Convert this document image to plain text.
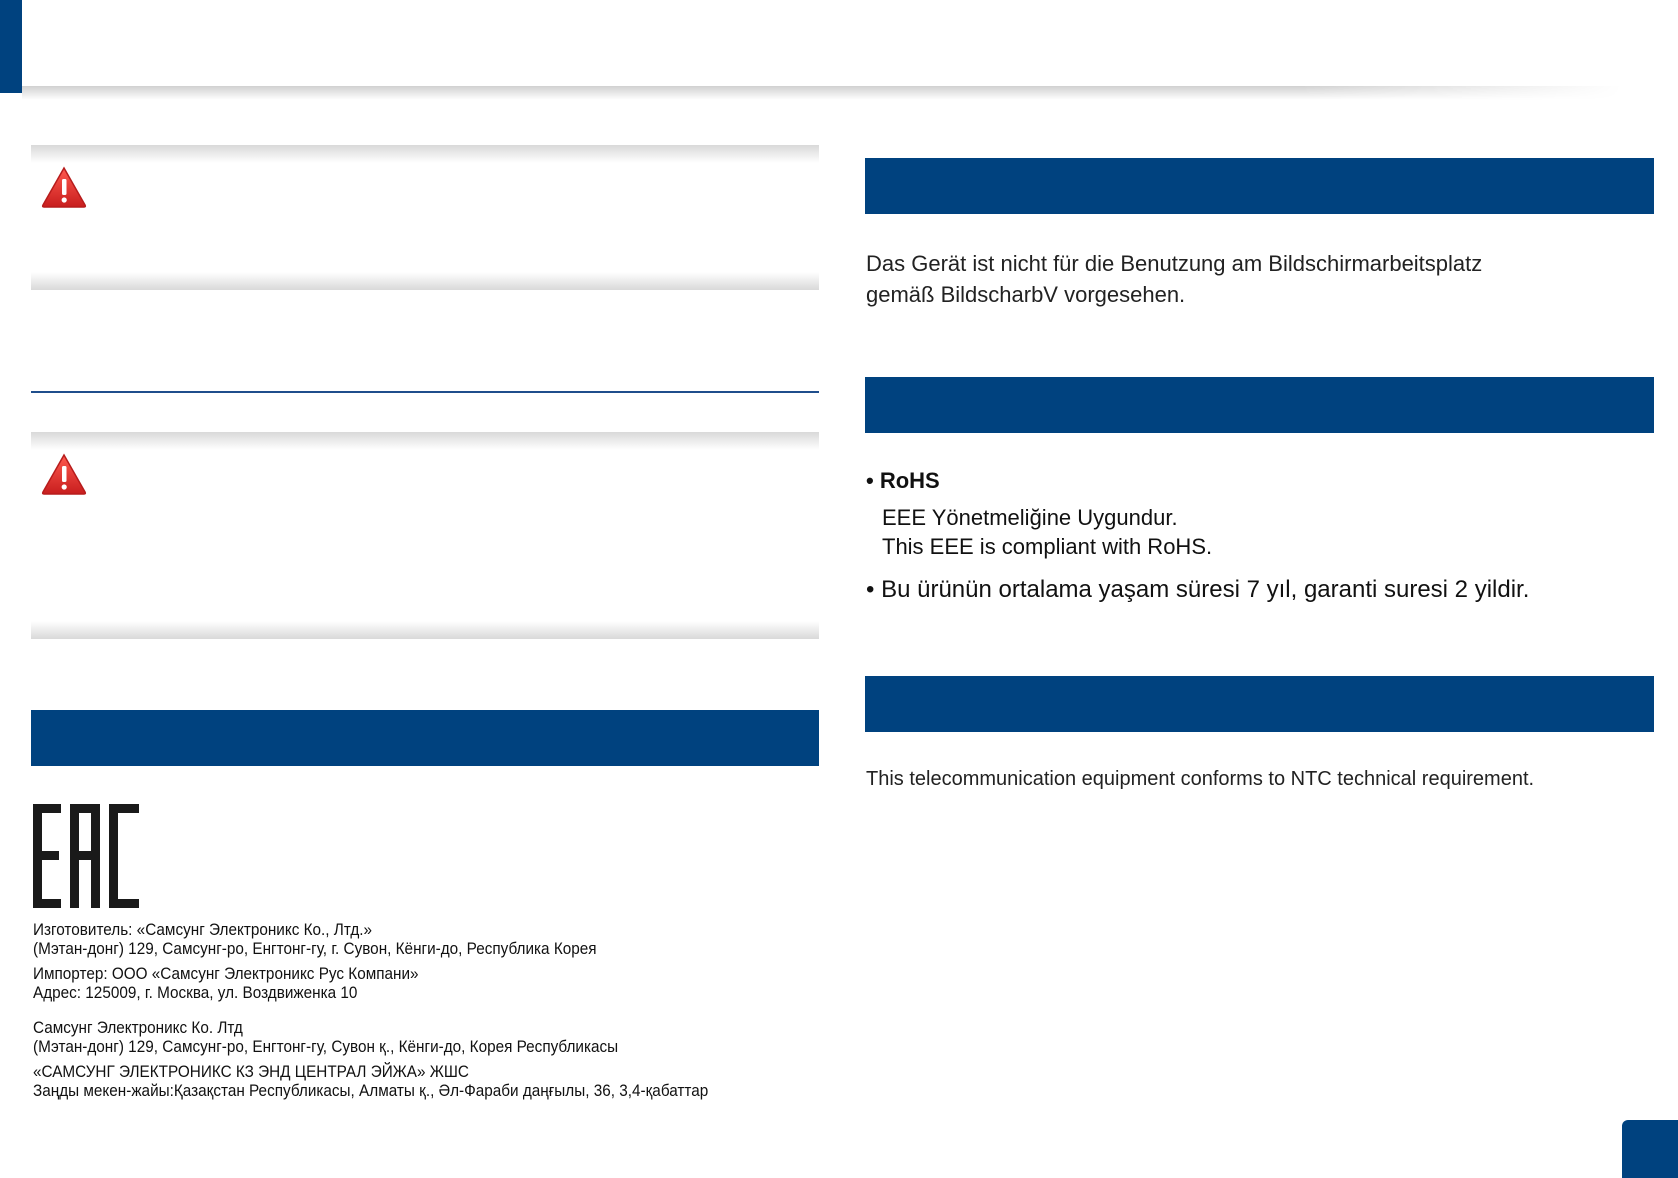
Изготовитель: «Самсунг Электроникс Ко., Лтд.»
(Мэтан-донг) 129, Самсунг-ро, Енгтонг-гу, г. Сувон, Кёнги-до, Республика Корея
Импортер: ООО «Самсунг Электроникс Рус Компани»
Адрес: 125009, г. Москва, ул. Воздвиженка 10
Самсунг Электроникс Ко. Лтд
(Мэтан-донг) 129, Самсунг-ро, Енгтонг-гу, Сувон қ., Кёнги-до, Корея Республикасы
«САМСУНГ ЭЛЕКТРОНИКС КЗ ЭНД ЦЕНТРАЛ ЭЙЖА» ЖШС
Заңды мекен-жайы:Қазақстан Республикасы, Алматы қ., Әл-Фараби даңғылы, 36, 3,4-қабаттар
Das Gerät ist nicht für die Benutzung am Bildschirmarbeitsplatz
gemäß BildscharbV vorgesehen.
• RoHS
EEE Yönetmeliğine Uygundur.
This EEE is compliant with RoHS.
• Bu ürünün ortalama yaşam süresi 7 yıl, garanti suresi 2 yildir.
This telecommunication equipment conforms to NTC technical requirement.
